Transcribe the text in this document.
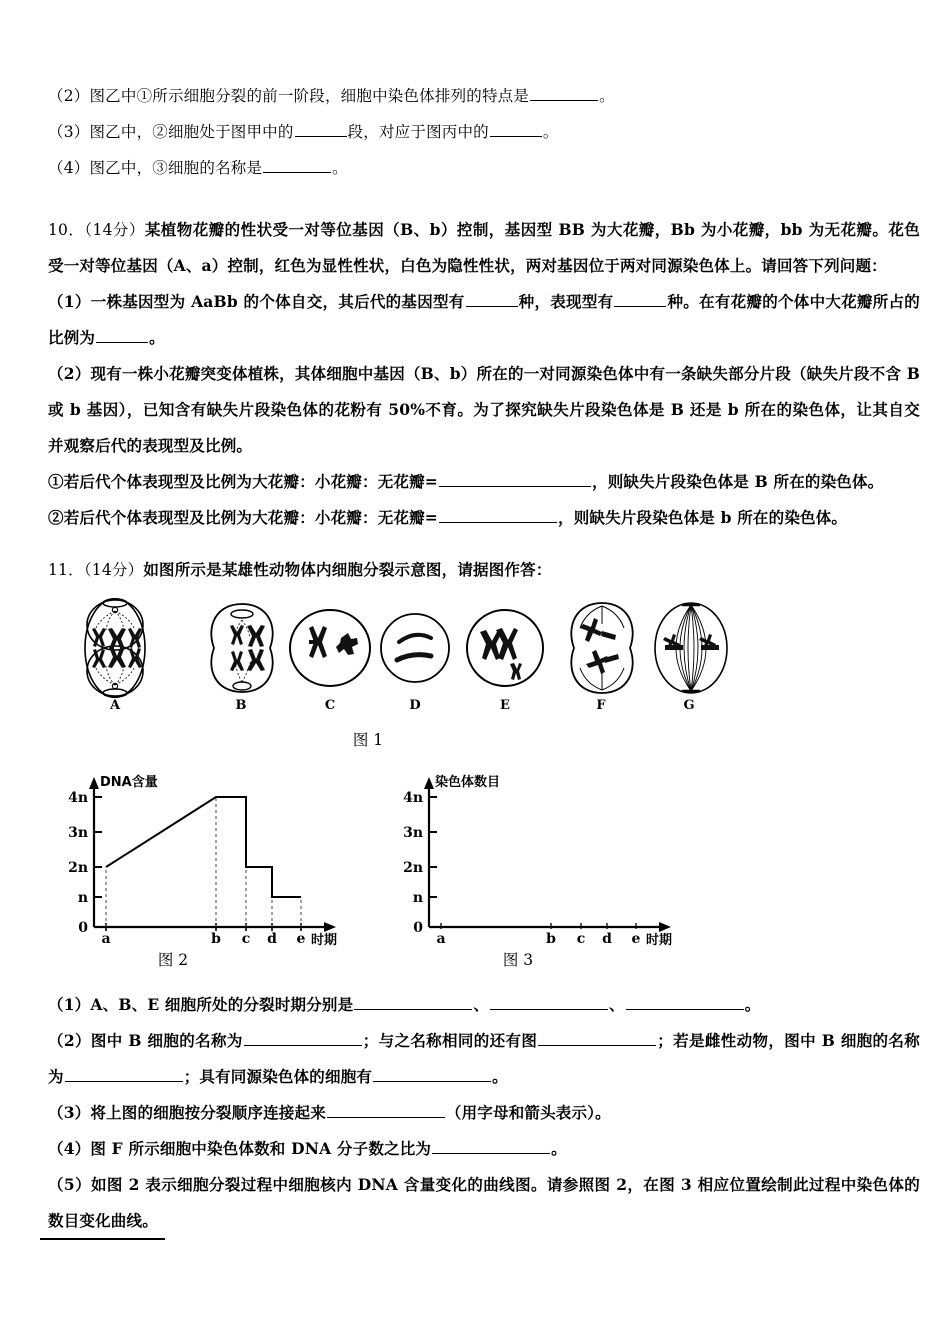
（2）图乙中①所示细胞分裂的前一阶段，细胞中染色体排列的特点是	。
（3）图乙中，②细胞处于图甲中的	段，对应于图丙中的	。
（4）图乙中，③细胞的名称是	。
10．（14分）某植物花瓣的性状受一对等位基因（B、b）控制，基因型 BB 为大花瓣，Bb 为小花瓣，bb 为无花瓣。花色受一对等位基因（A、a）控制，红色为显性性状，白色为隐性性状，两对基因位于两对同源染色体上。请回答下列问题：
（1）一株基因型为 AaBb 的个体自交，其后代的基因型有	种，表现型有	种。在有花瓣的个体中大花瓣所占的比例为	。
（2）现有一株小花瓣突变体植株，其体细胞中基因（B、b）所在的一对同源染色体中有一条缺失部分片段（缺失片段不含 B 或 b 基因），已知含有缺失片段染色体的花粉有 50%不育。为了探究缺失片段染色体是 B 还是 b 所在的染色体，让其自交并观察后代的表现型及比例。
①若后代个体表现型及比例为大花瓣：小花瓣：无花瓣=	，则缺失片段染色体是 B 所在的染色体。
②若后代个体表现型及比例为大花瓣：小花瓣：无花瓣=	，则缺失片段染色体是 b 所在的染色体。
11．（14分）如图所示是某雄性动物体内细胞分裂示意图，请据图作答：
A	B	C	D	E	F	G
图 1
4n
3n
2n
n
0
DNA含量
a	b c d e 时期
图 2
4n
3n
2n
n
0
染色体数目
a	b c d e 时期
图 3
（1）A、B、E 细胞所处的分裂时期分别是	、	、	。
（2）图中 B 细胞的名称为	；与之名称相同的还有图	；若是雌性动物，图中 B 细胞的名称为	；具有同源染色体的细胞有	。
（3）将上图的细胞按分裂顺序连接起来	（用字母和箭头表示）。
（4）图 F 所示细胞中染色体数和 DNA 分子数之比为	。
（5）如图 2 表示细胞分裂过程中细胞核内 DNA 含量变化的曲线图。请参照图 2，在图 3 相应位置绘制此过程中染色体的数目变化曲线。
